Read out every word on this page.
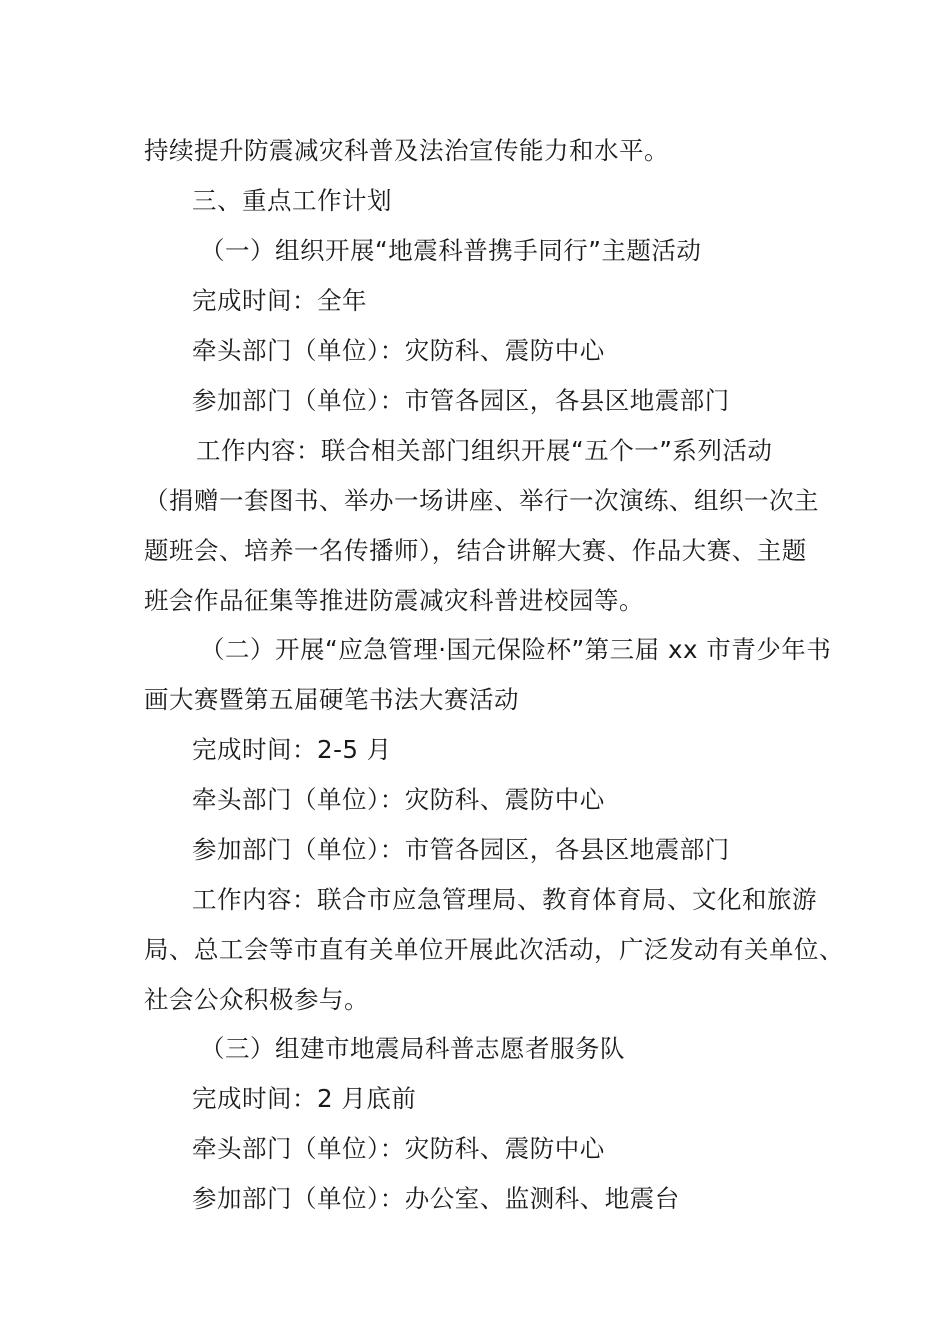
持续提升防震减灾科普及法治宣传能力和水平。
三、重点工作计划
（一）组织开展“地震科普携手同行”主题活动
完成时间：全年
牵头部门（单位）：灾防科、震防中心
参加部门（单位）：市管各园区，各县区地震部门
工作内容：联合相关部门组织开展“五个一”系列活动
（捐赠一套图书、举办一场讲座、举行一次演练、组织一次主
题班会、培养一名传播师），结合讲解大赛、作品大赛、主题
班会作品征集等推进防震减灾科普进校园等。
（二）开展“应急管理·国元保险杯”第三届 xx 市青少年书
画大赛暨第五届硬笔书法大赛活动
完成时间：2-5 月
牵头部门（单位）：灾防科、震防中心
参加部门（单位）：市管各园区，各县区地震部门
工作内容：联合市应急管理局、教育体育局、文化和旅游
局、总工会等市直有关单位开展此次活动，广泛发动有关单位、
社会公众积极参与。
（三）组建市地震局科普志愿者服务队
完成时间：2 月底前
牵头部门（单位）：灾防科、震防中心
参加部门（单位）：办公室、监测科、地震台
